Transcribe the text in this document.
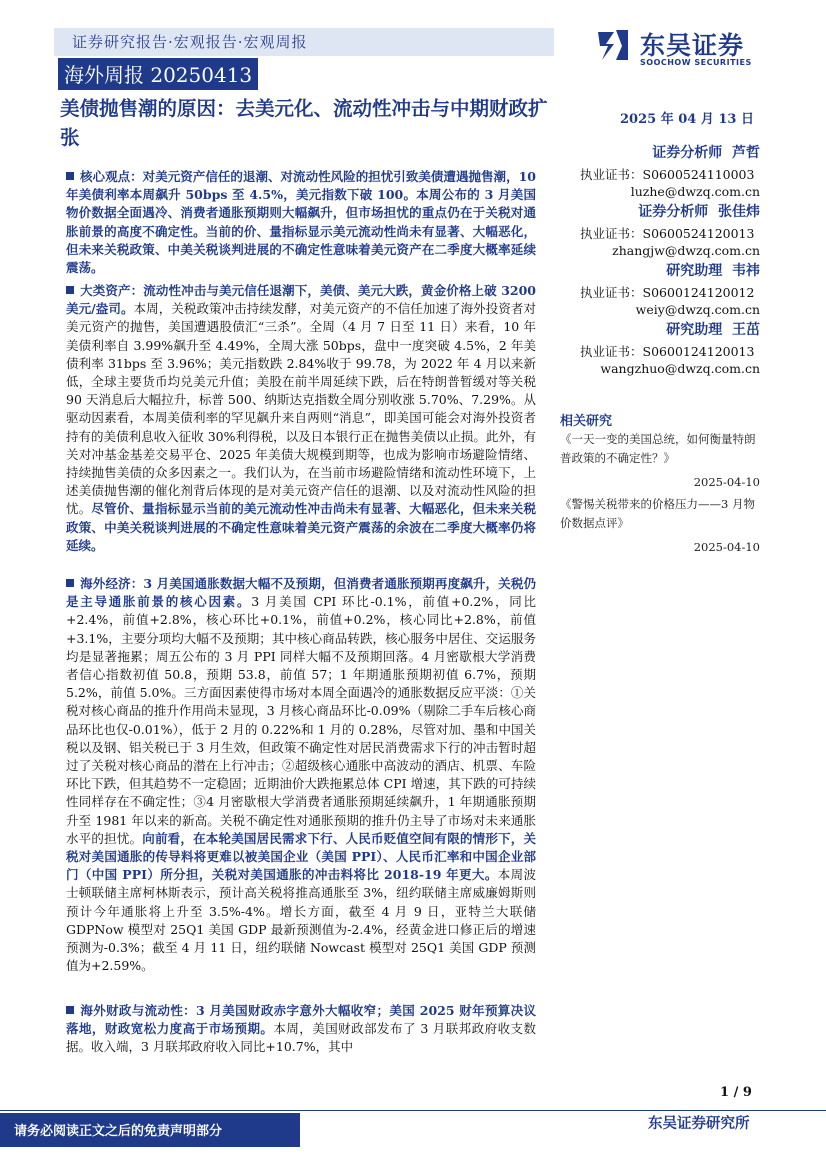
证券研究报告·宏观报告·宏观周报
海外周报 20250413
东吴证券
SOOCHOW SECURITIES
美债抛售潮的原因：去美元化、流动性冲击与中期财政扩张
2025 年 04 月 13 日
证券分析师 芦哲
执业证书：S0600524110003
luzhe@dwzq.com.cn
证券分析师 张佳炜
执业证书：S0600524120013
zhangjw@dwzq.com.cn
研究助理 韦祎
执业证书：S0600124120012
weiy@dwzq.com.cn
研究助理 王茁
执业证书：S0600124120013
wangzhuo@dwzq.com.cn
相关研究
《一天一变的美国总统，如何衡量特朗普政策的不确定性？》
2025-04-10
《警惕关税带来的价格压力——3 月物价数据点评》
2025-04-10
核心观点：对美元资产信任的退潮、对流动性风险的担忧引致美债遭遇抛售潮，10 年美债利率本周飙升 50bps 至 4.5%，美元指数下破 100。本周公布的 3 月美国物价数据全面遇冷、消费者通胀预期则大幅飙升，但市场担忧的重点仍在于关税对通胀前景的高度不确定性。当前的价、量指标显示美元流动性尚未有显著、大幅恶化，但未来关税政策、中美关税谈判进展的不确定性意味着美元资产在二季度大概率延续震荡。
大类资产：流动性冲击与美元信任退潮下，美债、美元大跌，黄金价格上破 3200 美元/盎司。本周，关税政策冲击持续发酵，对美元资产的不信任加速了海外投资者对美元资产的抛售，美国遭遇股债汇“三杀”。全周（4 月 7 日至 11 日）来看，10 年美债利率自 3.99%飙升至 4.49%，全周大涨 50bps，盘中一度突破 4.5%，2 年美债利率 31bps 至 3.96%；美元指数跌 2.84%收于 99.78，为 2022 年 4 月以来新低，全球主要货币均兑美元升值；美股在前半周延续下跌，后在特朗普暂缓对等关税 90 天消息后大幅拉升，标普 500、纳斯达克指数全周分别收涨 5.70%、7.29%。从驱动因素看，本周美债利率的罕见飙升来自两则“消息”，即美国可能会对海外投资者持有的美债利息收入征收 30%利得税，以及日本银行正在抛售美债以止损。此外，有关对冲基金基差交易平仓、2025 年美债大规模到期等，也成为影响市场避险情绪、持续抛售美债的众多因素之一。我们认为，在当前市场避险情绪和流动性环境下，上述美债抛售潮的催化剂背后体现的是对美元资产信任的退潮、以及对流动性风险的担忧。尽管价、量指标显示当前的美元流动性冲击尚未有显著、大幅恶化，但未来关税政策、中美关税谈判进展的不确定性意味着美元资产震荡的余波在二季度大概率仍将延续。
海外经济：3 月美国通胀数据大幅不及预期，但消费者通胀预期再度飙升，关税仍是主导通胀前景的核心因素。3 月美国 CPI 环比-0.1%，前值+0.2%，同比+2.4%，前值+2.8%，核心环比+0.1%，前值+0.2%，核心同比+2.8%，前值+3.1%，主要分项均大幅不及预期；其中核心商品转跌，核心服务中居住、交运服务均是显著拖累；周五公布的 3 月 PPI 同样大幅不及预期回落。4 月密歇根大学消费者信心指数初值 50.8，预期 53.8，前值 57；1 年期通胀预期初值 6.7%，预期 5.2%，前值 5.0%。三方面因素使得市场对本周全面遇冷的通胀数据反应平淡：①关税对核心商品的推升作用尚未显现，3 月核心商品环比-0.09%（剔除二手车后核心商品环比也仅-0.01%），低于 2 月的 0.22%和 1 月的 0.28%，尽管对加、墨和中国关税以及钢、铝关税已于 3 月生效，但政策不确定性对居民消费需求下行的冲击暂时超过了关税对核心商品的潜在上行冲击；②超级核心通胀中高波动的酒店、机票、车险环比下跌，但其趋势不一定稳固；近期油价大跌拖累总体 CPI 增速，其下跌的可持续性同样存在不确定性；③4 月密歇根大学消费者通胀预期延续飙升，1 年期通胀预期升至 1981 年以来的新高。关税不确定性对通胀预期的推升仍主导了市场对未来通胀水平的担忧。向前看，在本轮美国居民需求下行、人民币贬值空间有限的情形下，关税对美国通胀的传导料将更难以被美国企业（美国 PPI）、人民币汇率和中国企业部门（中国 PPI）所分担，关税对美国通胀的冲击料将比 2018-19 年更大。本周波士顿联储主席柯林斯表示，预计高关税将推高通胀至 3%，纽约联储主席威廉姆斯则预计今年通胀将上升至 3.5%-4%。增长方面，截至 4 月 9 日，亚特兰大联储 GDPNow 模型对 25Q1 美国 GDP 最新预测值为-2.4%，经黄金进口修正后的增速预测为-0.3%；截至 4 月 11 日，纽约联储 Nowcast 模型对 25Q1 美国 GDP 预测值为+2.59%。
海外财政与流动性：3 月美国财政赤字意外大幅收窄；美国 2025 财年预算决议落地，财政宽松力度高于市场预期。本周，美国财政部发布了 3 月联邦政府收支数据。收入端，3 月联邦政府收入同比+10.7%，其中
1 / 9
请务必阅读正文之后的免责声明部分	东吴证券研究所
